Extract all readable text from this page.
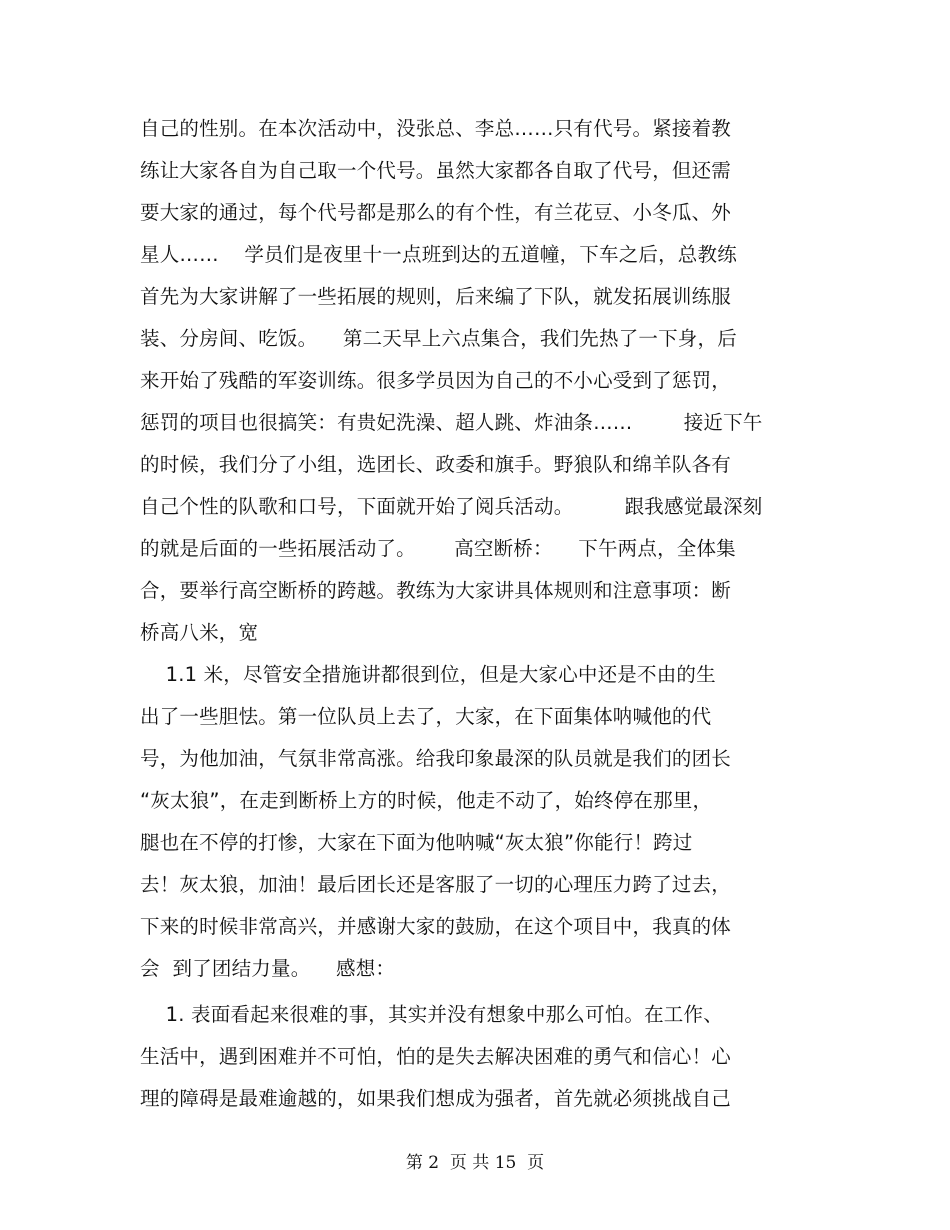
自己的性别。在本次活动中，没张总、李总……只有代号。紧接着教
练让大家各自为自己取一个代号。虽然大家都各自取了代号，但还需
要大家的通过，每个代号都是那么的有个性，有兰花豆、小冬瓜、外
星人……    学员们是夜里十一点班到达的五道幢，下车之后，总教练
首先为大家讲解了一些拓展的规则，后来编了下队，就发拓展训练服
装、分房间、吃饭。    第二天早上六点集合，我们先热了一下身，后
来开始了残酷的军姿训练。很多学员因为自己的不小心受到了惩罚，
惩罚的项目也很搞笑：有贵妃洗澡、超人跳、炸油条……        接近下午
的时候，我们分了小组，选团长、政委和旗手。野狼队和绵羊队各有
自己个性的队歌和口号，下面就开始了阅兵活动。        跟我感觉最深刻
的就是后面的一些拓展活动了。      高空断桥：    下午两点，全体集
合，要举行高空断桥的跨越。教练为大家讲具体规则和注意事项：断
桥高八米，宽
1.1 米，尽管安全措施讲都很到位，但是大家心中还是不由的生
出了一些胆怯。第一位队员上去了，大家，在下面集体呐喊他的代
号，为他加油，气氛非常高涨。给我印象最深的队员就是我们的团长
“灰太狼”，在走到断桥上方的时候，他走不动了，始终停在那里，
腿也在不停的打惨，大家在下面为他呐喊“灰太狼”你能行！跨过
去！灰太狼，加油！最后团长还是客服了一切的心理压力跨了过去，
下来的时候非常高兴，并感谢大家的鼓励，在这个项目中，我真的体
会  到了团结力量。    感想：
1. 表面看起来很难的事，其实并没有想象中那么可怕。在工作、
生活中，遇到困难并不可怕，怕的是失去解决困难的勇气和信心！心
理的障碍是最难逾越的，如果我们想成为强者，首先就必须挑战自己
第 2  页 共 15  页
